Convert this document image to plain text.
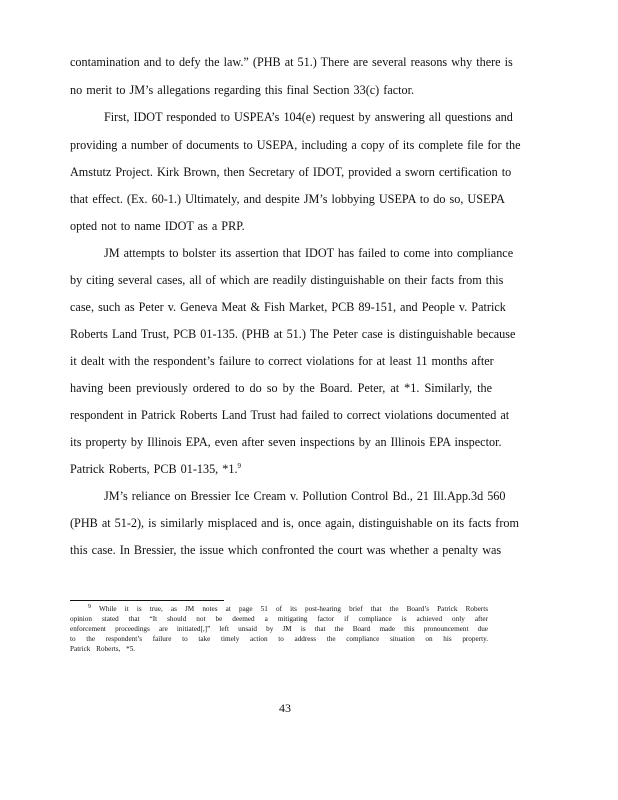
contamination and to defy the law.” (PHB at 51.) There are several reasons why there is
no merit to JM’s allegations regarding this final Section 33(c) factor.
First, IDOT responded to USPEA’s 104(e) request by answering all questions and
providing a number of documents to USEPA, including a copy of its complete file for the
Amstutz Project. Kirk Brown, then Secretary of IDOT, provided a sworn certification to
that effect. (Ex. 60-1.) Ultimately, and despite JM’s lobbying USEPA to do so, USEPA
opted not to name IDOT as a PRP.
JM attempts to bolster its assertion that IDOT has failed to come into compliance
by citing several cases, all of which are readily distinguishable on their facts from this
case, such as Peter v. Geneva Meat & Fish Market, PCB 89-151, and People v. Patrick
Roberts Land Trust, PCB 01-135. (PHB at 51.) The Peter case is distinguishable because
it dealt with the respondent’s failure to correct violations for at least 11 months after
having been previously ordered to do so by the Board. Peter, at *1. Similarly, the
respondent in Patrick Roberts Land Trust had failed to correct violations documented at
its property by Illinois EPA, even after seven inspections by an Illinois EPA inspector.
Patrick Roberts, PCB 01-135, *1.$^9$
JM’s reliance on Bressier Ice Cream v. Pollution Control Bd., 21 Ill.App.3d 560
(PHB at 51-2), is similarly misplaced and is, once again, distinguishable on its facts from
this case. In Bressier, the issue which confronted the court was whether a penalty was
$^9$ While it is true, as JM notes at page 51 of its post-hearing brief that the Board’s Patrick Roberts
opinion stated that “It should not be deemed a mitigating factor if compliance is achieved only after
enforcement proceedings are initiated[,]” left unsaid by JM is that the Board made this pronouncement due
to the respondent’s failure to take timely action to address the compliance situation on his property.
Patrick Roberts, *5.
43
